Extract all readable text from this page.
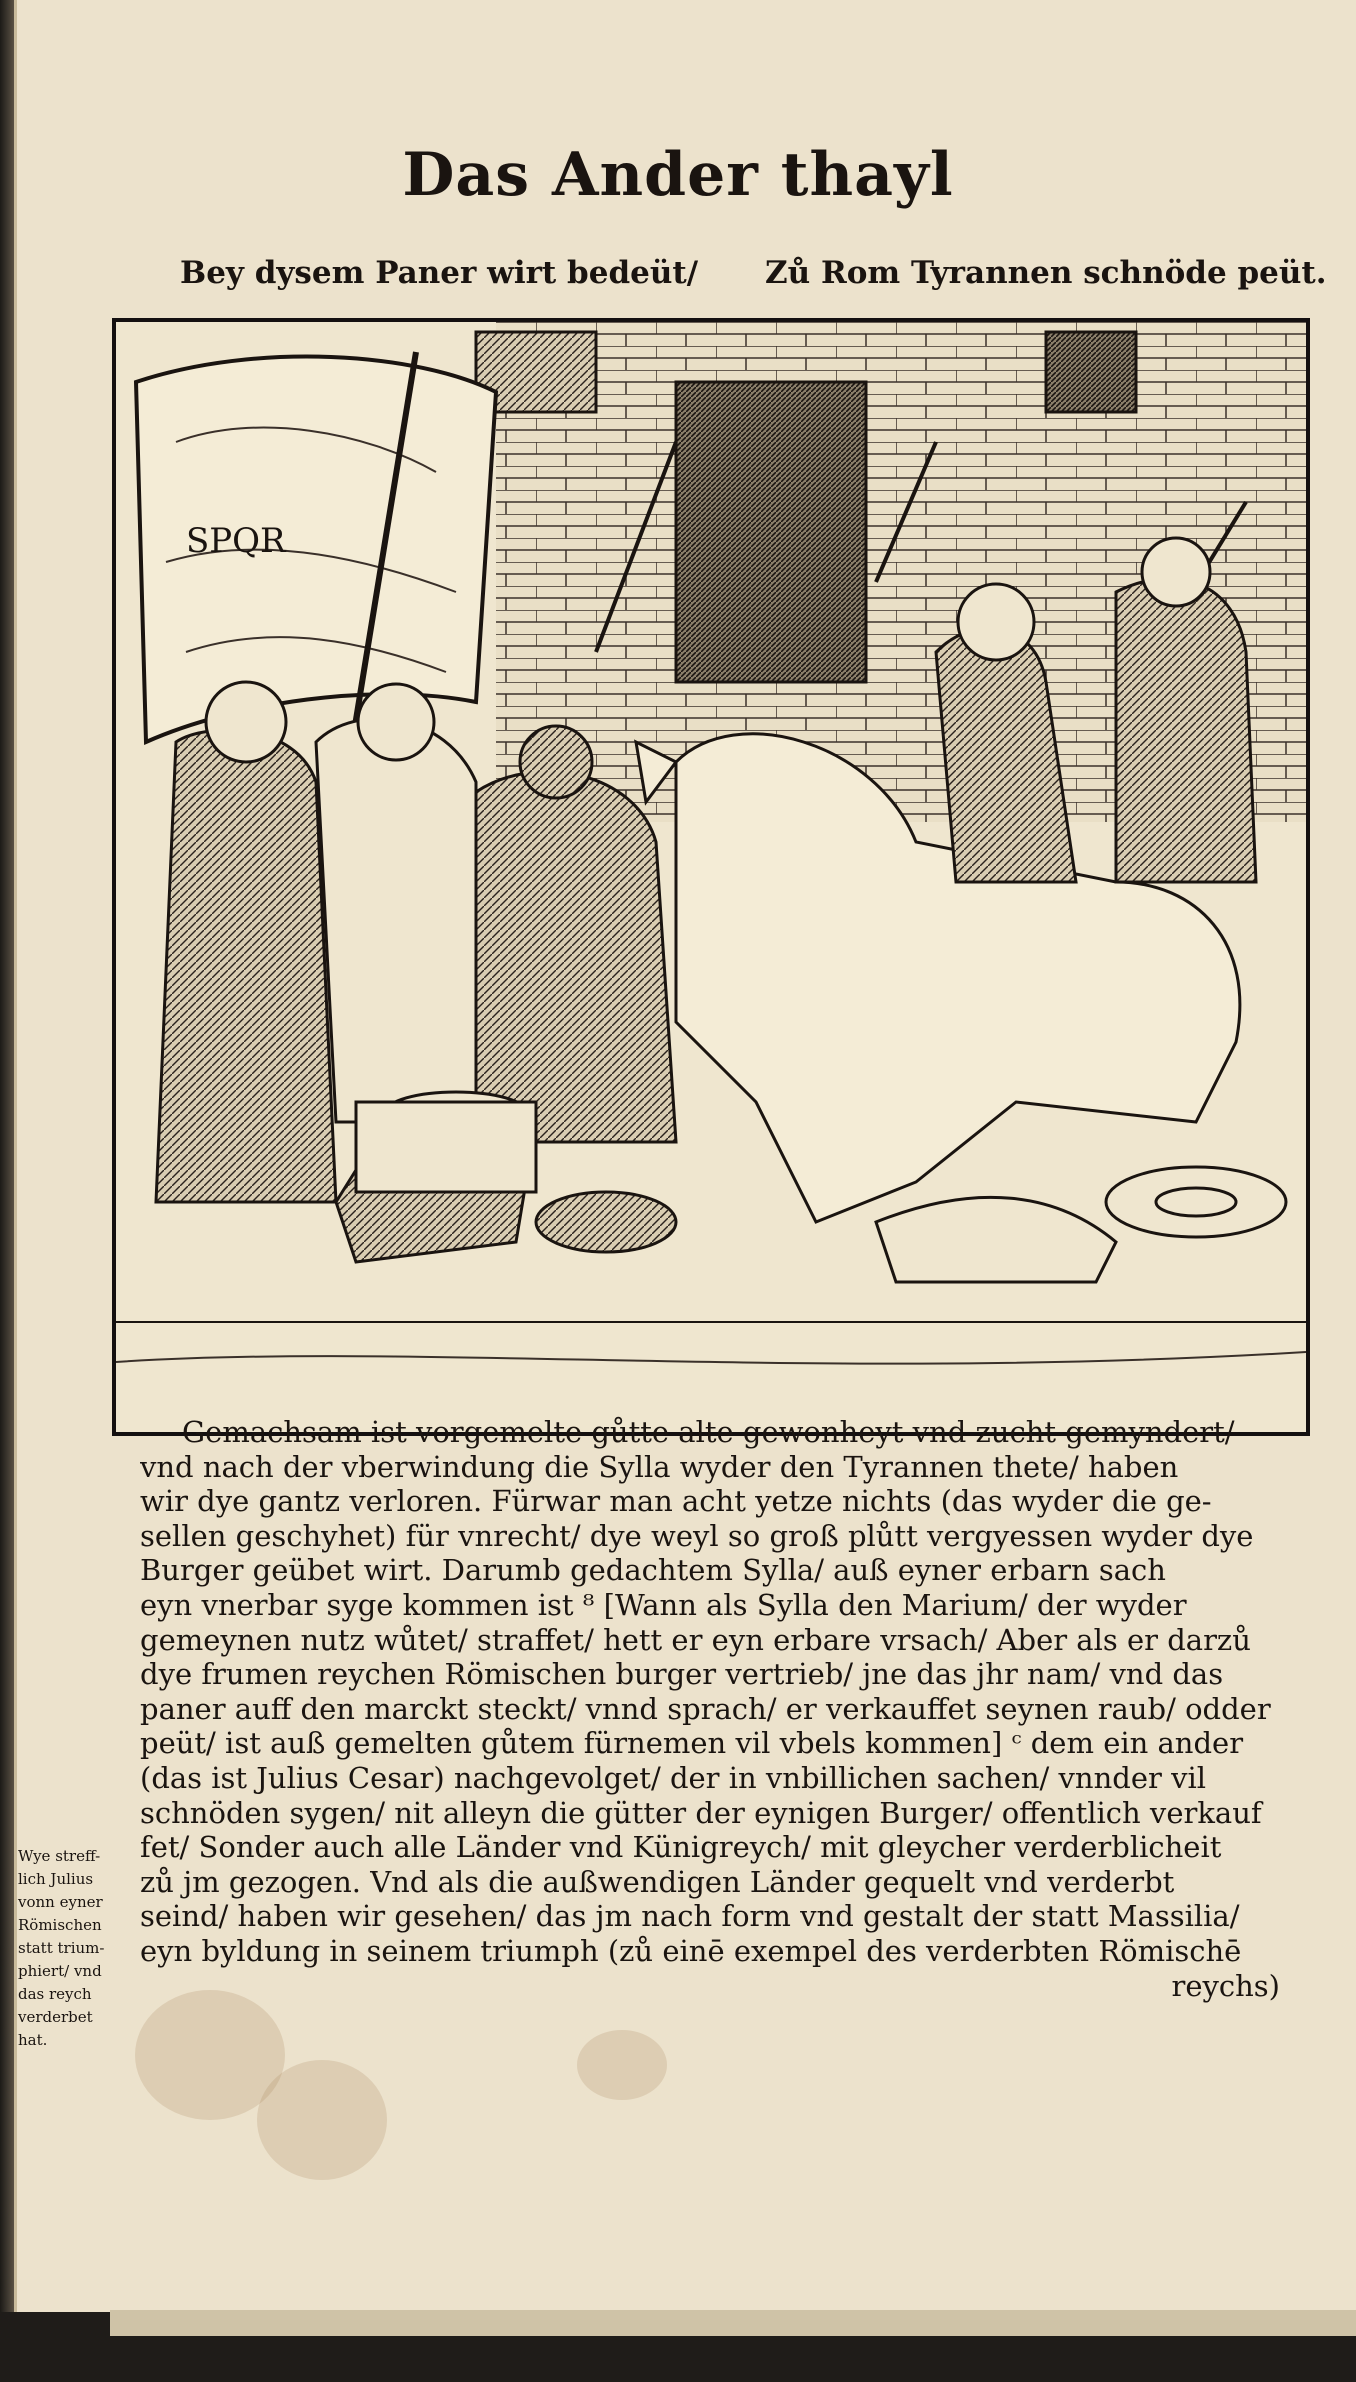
Das Ander thayl
Bey dysem Paner wirt bedeüt/ Zů Rom Tyrannen schnöde peüt.
SPQR
Gemachsam ist vorgemelte gůtte alte gewonheyt vnd zucht gemyndert/
vnd nach der vberwindung die Sylla wyder den Tyrannen thete/ haben
wir dye gantz verloren. Fürwar man acht yetze nichts (das wyder die ge-
sellen geschyhet) für vnrecht/ dye weyl so groß plůtt vergyessen wyder dye
Burger geübet wirt. Darumb gedachtem Sylla/ auß eyner erbarn sach
eyn vnerbar syge kommen ist ⁸ [Wann als Sylla den Marium/ der wyder
gemeynen nutz wůtet/ straffet/ hett er eyn erbare vrsach/ Aber als er darzů
dye frumen reychen Römischen burger vertrieb/ jne das jhr nam/ vnd das
paner auff den marckt steckt/ vnnd sprach/ er verkauffet seynen raub/ odder
peüt/ ist auß gemelten gůtem fürnemen vil vbels kommen] ᶜ dem ein ander
(das ist Julius Cesar) nachgevolget/ der in vnbillichen sachen/ vnnder vil
schnöden sygen/ nit alleyn die gütter der eynigen Burger/ offentlich verkauf
fet/ Sonder auch alle Länder vnd Künigreych/ mit gleycher verderblicheit
zů jm gezogen. Vnd als die außwendigen Länder gequelt vnd verderbt
seind/ haben wir gesehen/ das jm nach form vnd gestalt der statt Massilia/
eyn byldung in seinem triumph (zů einē exempel des verderbten Römischē
reychs)
Wye streff-
lich Julius
vonn eyner
Römischen
statt trium-
phiert/ vnd
das reych
verderbet
hat.
